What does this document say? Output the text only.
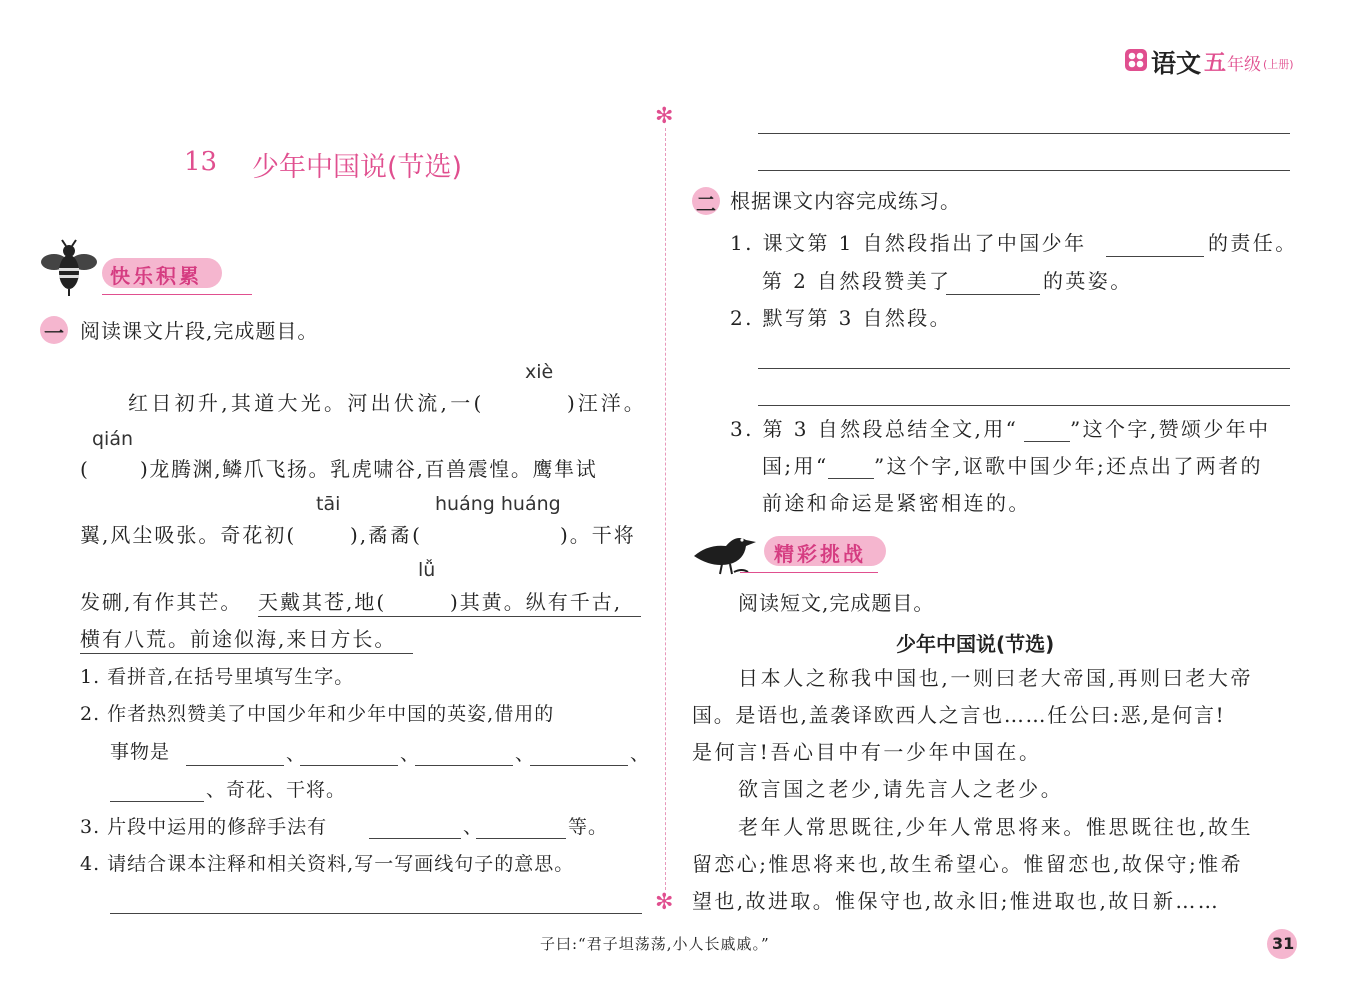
语文 五 年级 (上册)
✻
✻
13 少年中国说(节选)
快乐积累
一 阅读课文片段,完成题目。
xiè
qián
tāi	huáng huáng
lǚ
红日初升,其道大光。河出伏流,一(	)汪洋。
(	)龙腾渊,鳞爪飞扬。乳虎啸谷,百兽震惶。鹰隼试
翼,风尘吸张。奇花初(	),矞矞(	)。干将
发硎,有作其芒。 天戴其苍,地(	)其黄。纵有千古,
横有八荒。前途似海,来日方长。
1. 看拼音,在括号里填写生字。
2. 作者热烈赞美了中国少年和少年中国的英姿,借用的
事物是	、	、	、	、
、奇花、干将。
3. 片段中运用的修辞手法有	、	等。
4. 请结合课本注释和相关资料,写一写画线句子的意思。
二 根据课文内容完成练习。
1. 课文第 1 自然段指出了中国少年	的责任。
第 2 自然段赞美了	的英姿。
2. 默写第 3 自然段。
3. 第 3 自然段总结全文,用“	”这个字,赞颂少年中
国;用“ ”这个字,讴歌中国少年;还点出了两者的
前途和命运是紧密相连的。
精彩挑战
阅读短文,完成题目。
少年中国说(节选)
日本人之称我中国也,一则曰老大帝国,再则曰老大帝
国。是语也,盖袭译欧西人之言也……任公曰:恶,是何言!
是何言!吾心目中有一少年中国在。
欲言国之老少,请先言人之老少。
老年人常思既往,少年人常思将来。惟思既往也,故生
留恋心;惟思将来也,故生希望心。惟留恋也,故保守;惟希
望也,故进取。惟保守也,故永旧;惟进取也,故日新……
子曰:“君子坦荡荡,小人长戚戚。”	31
